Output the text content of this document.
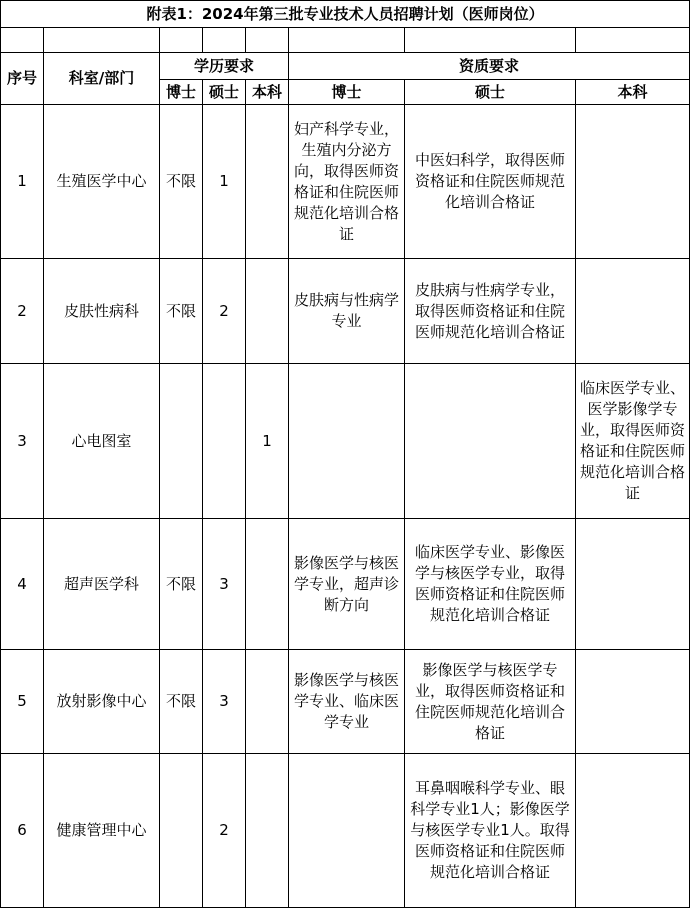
附表1：2024年第三批专业技术人员招聘计划（医师岗位）							

序号	科室/部门	学历要求			资质要求		
		博士	硕士	本科	博士	硕士	本科
1	生殖医学中心	不限	1		妇产科学专业，生殖内分泌方向，取得医师资格证和住院医师规范化培训合格证	中医妇科学，取得医师资格证和住院医师规范化培训合格证	
2	皮肤性病科	不限	2		皮肤病与性病学专业	皮肤病与性病学专业，取得医师资格证和住院医师规范化培训合格证	
3	心电图室			1			临床医学专业、医学影像学专业，取得医师资格证和住院医师规范化培训合格证
4	超声医学科	不限	3		影像医学与核医学专业，超声诊断方向	临床医学专业、影像医学与核医学专业，取得医师资格证和住院医师规范化培训合格证	
5	放射影像中心	不限	3		影像医学与核医学专业、临床医学专业	影像医学与核医学专业，取得医师资格证和住院医师规范化培训合格证	
6	健康管理中心		2			耳鼻咽喉科学专业、眼科学专业1人；影像医学与核医学专业1人。取得医师资格证和住院医师规范化培训合格证	
